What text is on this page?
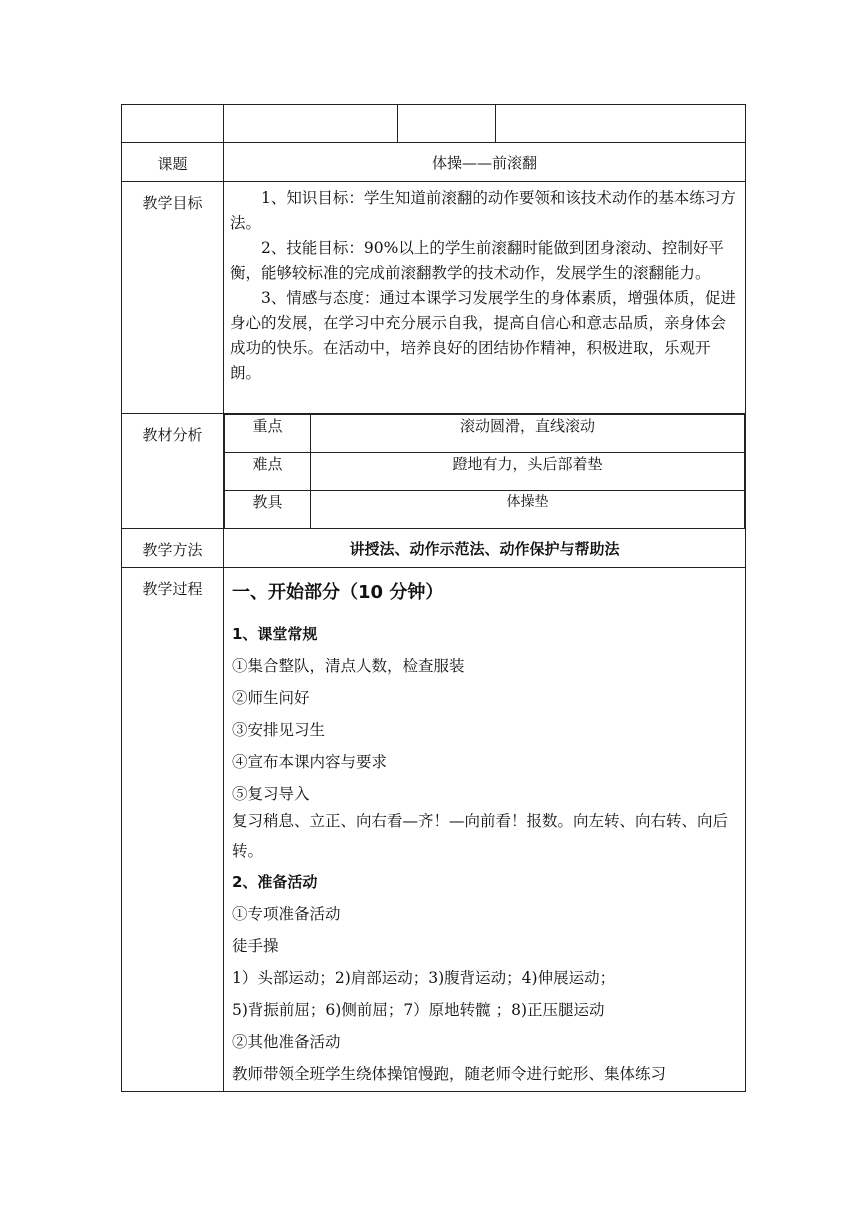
课题	体操——前滚翻
教学目标	1、知识目标：学生知道前滚翻的动作要领和该技术动作的基本练习方法。

2、技能目标：90%以上的学生前滚翻时能做到团身滚动、控制好平衡，能够较标准的完成前滚翻教学的技术动作，发展学生的滚翻能力。

3、情感与态度：通过本课学习发展学生的身体素质，增强体质，促进身心的发展，在学习中充分展示自我，提高自信心和意志品质，亲身体会成功的快乐。在活动中，培养良好的团结协作精神，积极进取，乐观开朗。

教材分析		重点	滚动圆滑，直线滚动
难点	蹬地有力，头后部着垫
教具	体操垫

教学方法	讲授法、动作示范法、动作保护与帮助法
教学过程	一、开始部分（10 分钟）

1、课堂常规

①集合整队，清点人数，检查服装

②师生问好

③安排见习生

④宣布本课内容与要求

⑤复习导入

复习稍息、立正、向右看—齐！—向前看！报数。向左转、向右转、向后转。

2、准备活动

①专项准备活动

徒手操

1）头部运动；2)肩部运动；3)腹背运动；4)伸展运动；

5)背振前屈；6)侧前屈；7）原地转髋 ；8)正压腿运动

②其他准备活动

教师带领全班学生绕体操馆慢跑，随老师令进行蛇形、集体练习
